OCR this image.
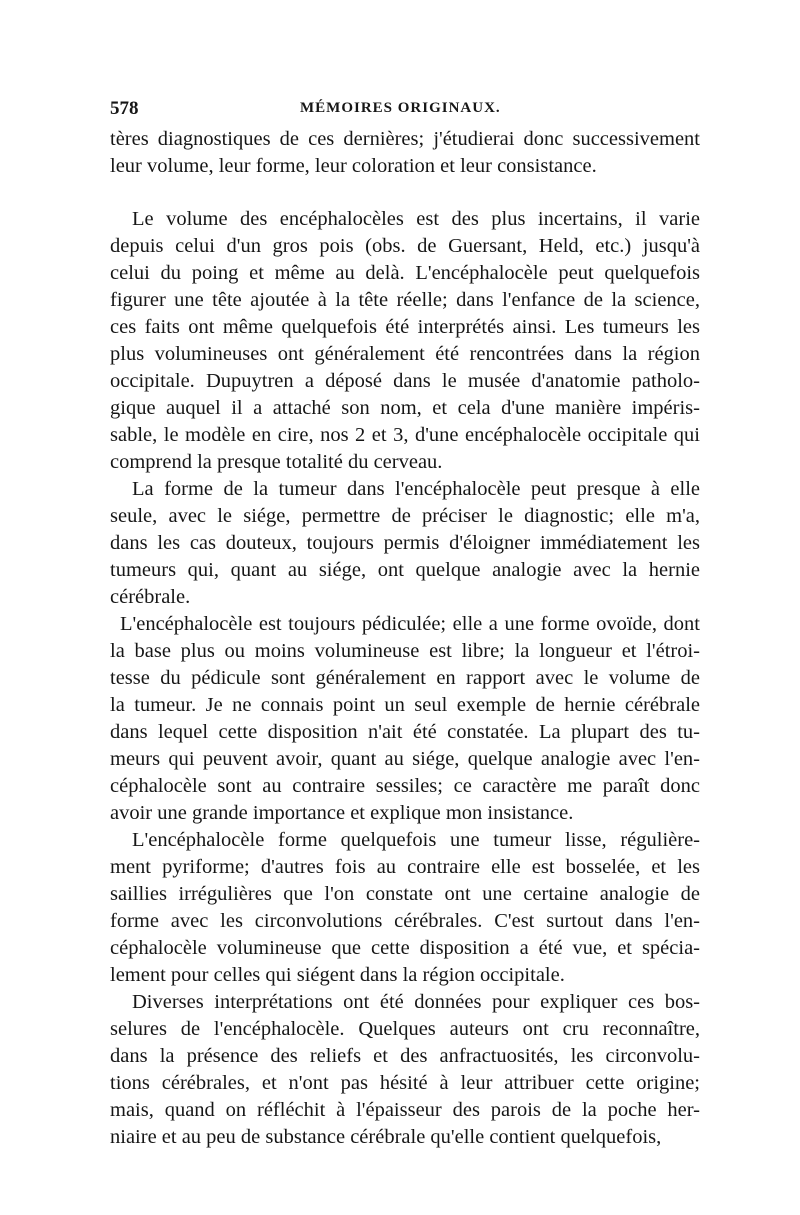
578	MÉMOIRES ORIGINAUX.
tères diagnostiques de ces dernières; j'étudierai donc successivement
leur volume, leur forme, leur coloration et leur consistance.
Le volume des encéphalocèles est des plus incertains, il varie
depuis celui d'un gros pois (obs. de Guersant, Held, etc.) jusqu'à
celui du poing et même au delà. L'encéphalocèle peut quelquefois
figurer une tête ajoutée à la tête réelle; dans l'enfance de la science,
ces faits ont même quelquefois été interprétés ainsi. Les tumeurs les
plus volumineuses ont généralement été rencontrées dans la région
occipitale. Dupuytren a déposé dans le musée d'anatomie patholo-
gique auquel il a attaché son nom, et cela d'une manière impéris-
sable, le modèle en cire, nos 2 et 3, d'une encéphalocèle occipitale qui
comprend la presque totalité du cerveau.
La forme de la tumeur dans l'encéphalocèle peut presque à elle
seule, avec le siége, permettre de préciser le diagnostic; elle m'a,
dans les cas douteux, toujours permis d'éloigner immédiatement les
tumeurs qui, quant au siége, ont quelque analogie avec la hernie
cérébrale.
L'encéphalocèle est toujours pédiculée; elle a une forme ovoïde, dont
la base plus ou moins volumineuse est libre; la longueur et l'étroi-
tesse du pédicule sont généralement en rapport avec le volume de
la tumeur. Je ne connais point un seul exemple de hernie cérébrale
dans lequel cette disposition n'ait été constatée. La plupart des tu-
meurs qui peuvent avoir, quant au siége, quelque analogie avec l'en-
céphalocèle sont au contraire sessiles; ce caractère me paraît donc
avoir une grande importance et explique mon insistance.
L'encéphalocèle forme quelquefois une tumeur lisse, régulière-
ment pyriforme; d'autres fois au contraire elle est bosselée, et les
saillies irrégulières que l'on constate ont une certaine analogie de
forme avec les circonvolutions cérébrales. C'est surtout dans l'en-
céphalocèle volumineuse que cette disposition a été vue, et spécia-
lement pour celles qui siégent dans la région occipitale.
Diverses interprétations ont été données pour expliquer ces bos-
selures de l'encéphalocèle. Quelques auteurs ont cru reconnaître,
dans la présence des reliefs et des anfractuosités, les circonvolu-
tions cérébrales, et n'ont pas hésité à leur attribuer cette origine;
mais, quand on réfléchit à l'épaisseur des parois de la poche her-
niaire et au peu de substance cérébrale qu'elle contient quelquefois,
